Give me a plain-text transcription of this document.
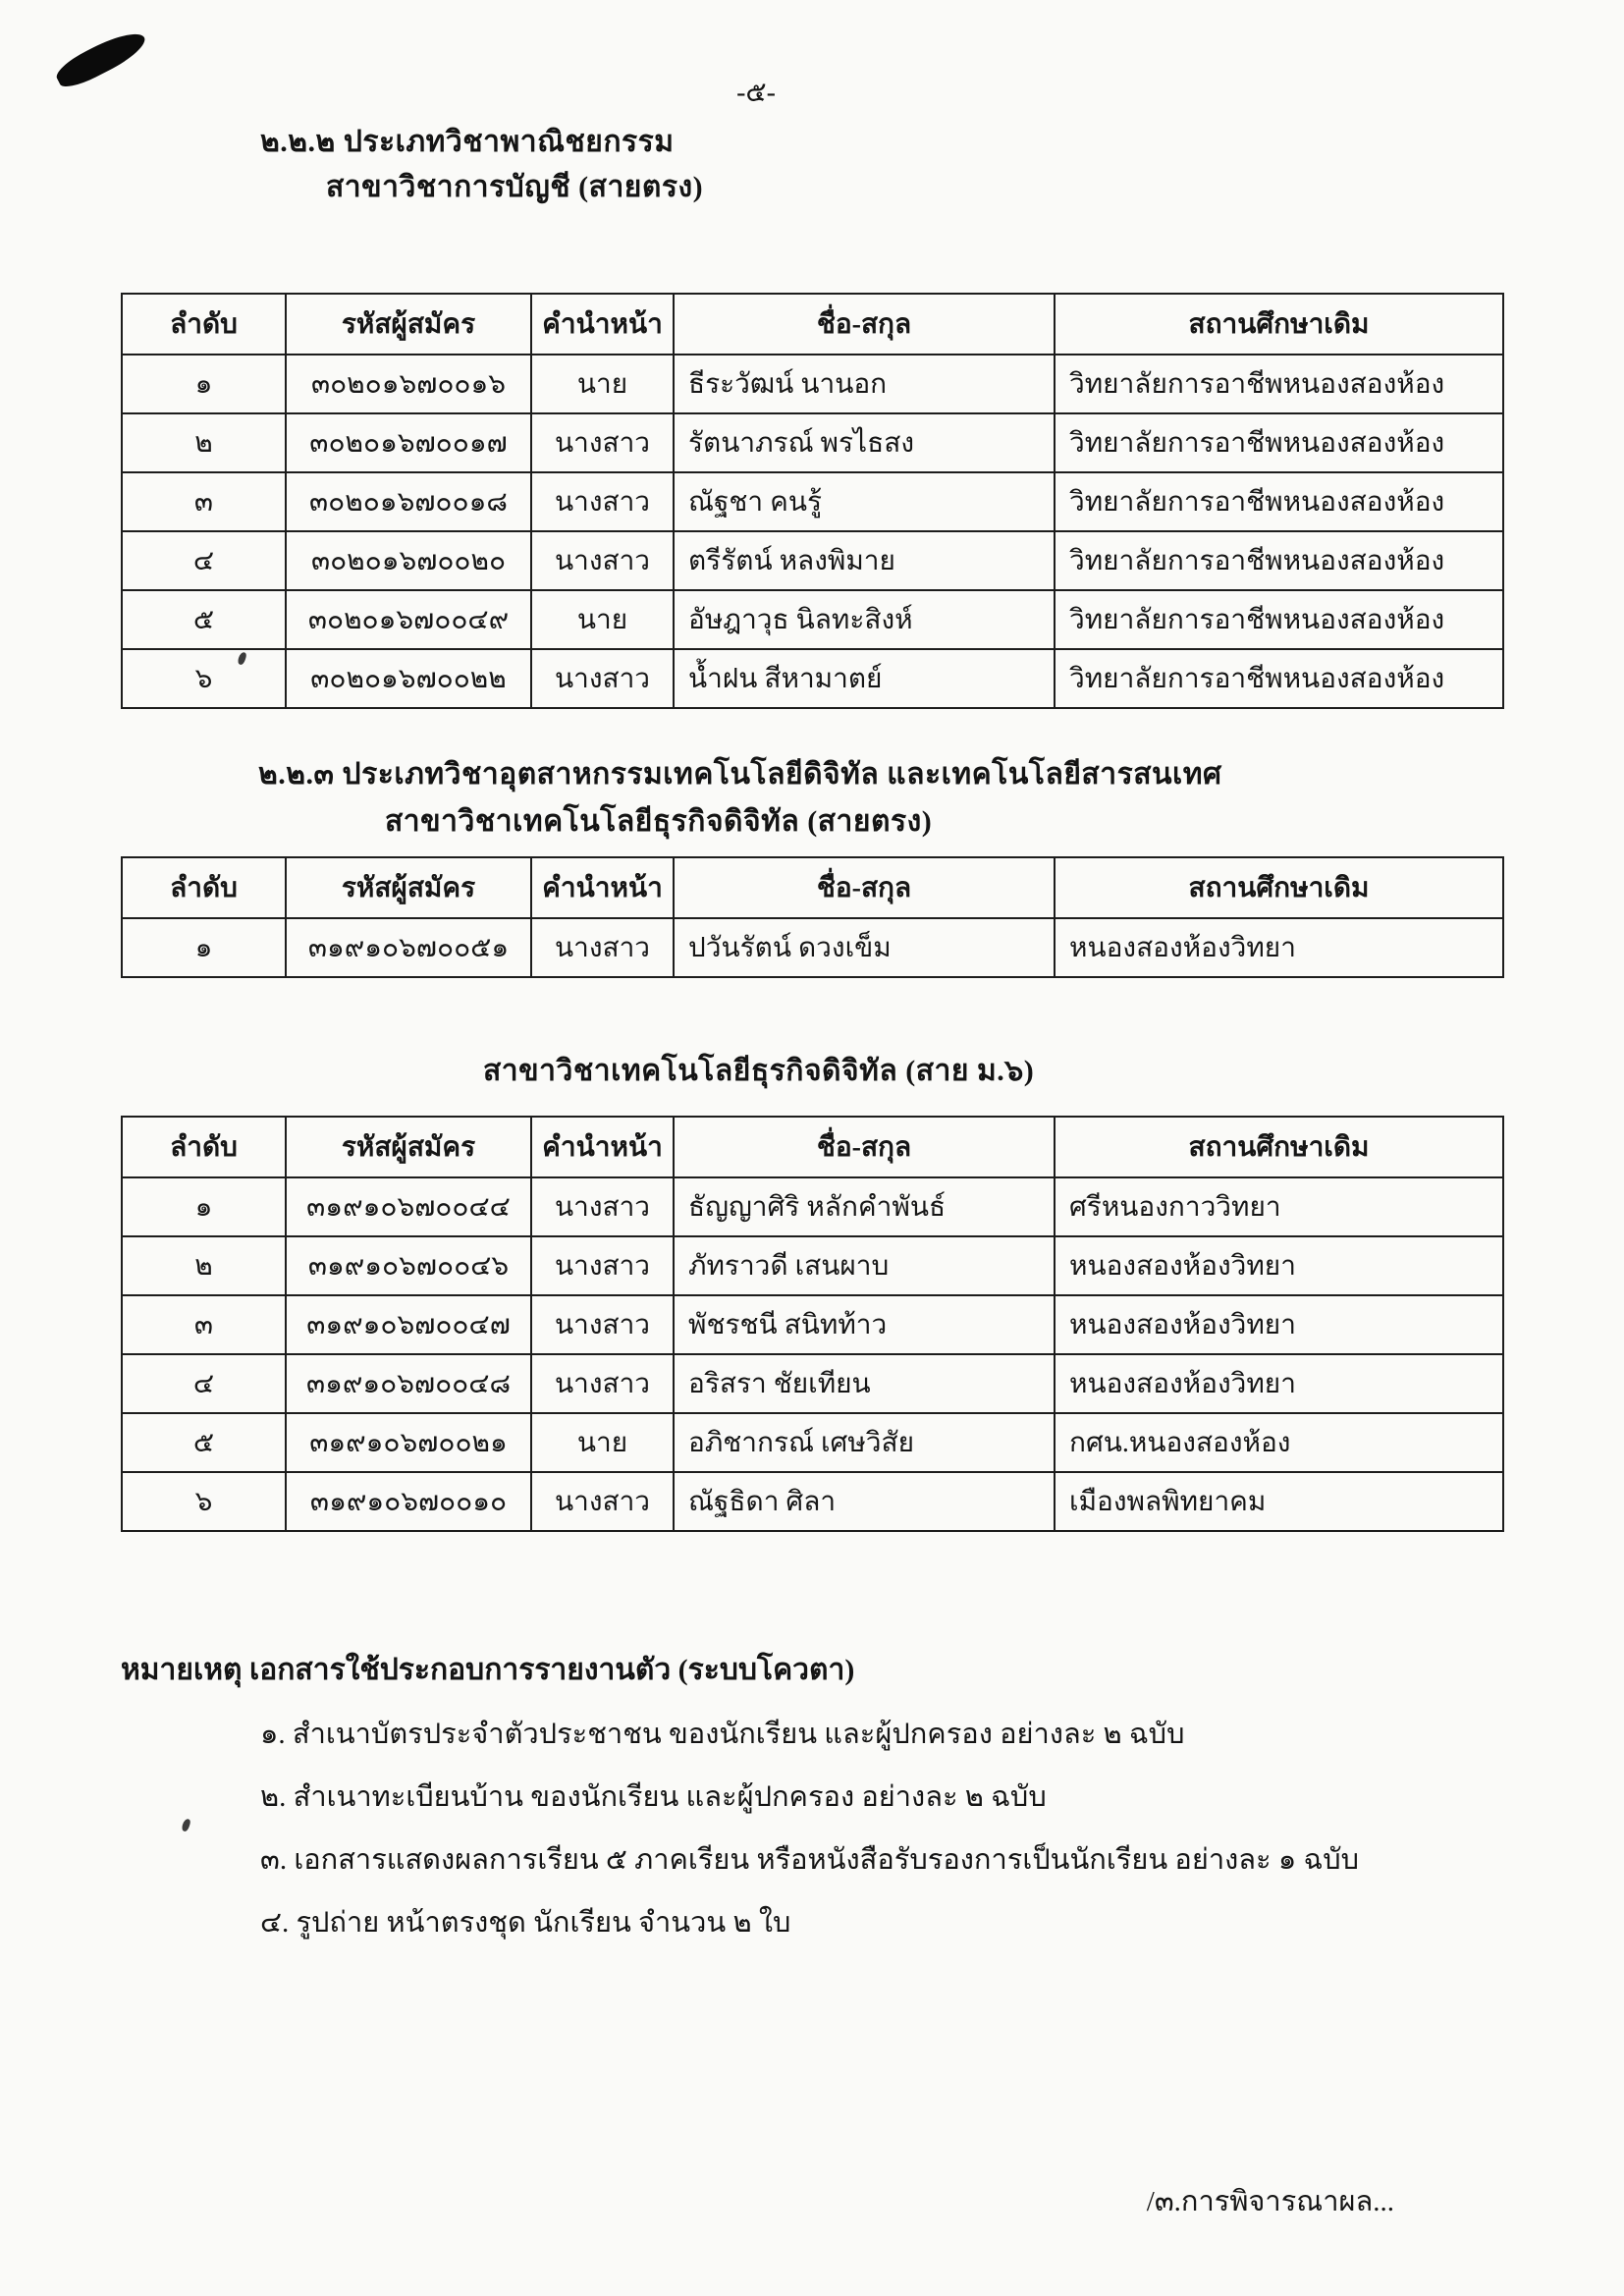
-๕-
๒.๒.๒ ประเภทวิชาพาณิชยกรรม
สาขาวิชาการบัญชี (สายตรง)
ลำดับ	รหัสผู้สมัคร	คำนำหน้า	ชื่อ-สกุล	สถานศึกษาเดิม
๑	๓๐๒๐๑๖๗๐๐๑๖	นาย	ธีระวัฒน์ นานอก	วิทยาลัยการอาชีพหนองสองห้อง
๒	๓๐๒๐๑๖๗๐๐๑๗	นางสาว	รัตนาภรณ์ พรไธสง	วิทยาลัยการอาชีพหนองสองห้อง
๓	๓๐๒๐๑๖๗๐๐๑๘	นางสาว	ณัฐชา คนรู้	วิทยาลัยการอาชีพหนองสองห้อง
๔	๓๐๒๐๑๖๗๐๐๒๐	นางสาว	ตรีรัตน์ หลงพิมาย	วิทยาลัยการอาชีพหนองสองห้อง
๕	๓๐๒๐๑๖๗๐๐๔๙	นาย	อัษฎาวุธ นิลทะสิงห์	วิทยาลัยการอาชีพหนองสองห้อง
๖	๓๐๒๐๑๖๗๐๐๒๒	นางสาว	น้ำฝน สีหามาตย์	วิทยาลัยการอาชีพหนองสองห้อง
๒.๒.๓ ประเภทวิชาอุตสาหกรรมเทคโนโลยีดิจิทัล และเทคโนโลยีสารสนเทศ
สาขาวิชาเทคโนโลยีธุรกิจดิจิทัล (สายตรง)
ลำดับ	รหัสผู้สมัคร	คำนำหน้า	ชื่อ-สกุล	สถานศึกษาเดิม
๑	๓๑๙๑๐๖๗๐๐๕๑	นางสาว	ปวันรัตน์ ดวงเข็ม	หนองสองห้องวิทยา
สาขาวิชาเทคโนโลยีธุรกิจดิจิทัล (สาย ม.๖)
ลำดับ	รหัสผู้สมัคร	คำนำหน้า	ชื่อ-สกุล	สถานศึกษาเดิม
๑	๓๑๙๑๐๖๗๐๐๔๔	นางสาว	ธัญญาศิริ หลักคำพันธ์	ศรีหนองกาววิทยา
๒	๓๑๙๑๐๖๗๐๐๔๖	นางสาว	ภัทราวดี เสนผาบ	หนองสองห้องวิทยา
๓	๓๑๙๑๐๖๗๐๐๔๗	นางสาว	พัชรชนี สนิทท้าว	หนองสองห้องวิทยา
๔	๓๑๙๑๐๖๗๐๐๔๘	นางสาว	อริสรา ชัยเทียน	หนองสองห้องวิทยา
๕	๓๑๙๑๐๖๗๐๐๒๑	นาย	อภิชากรณ์ เศษวิสัย	กศน.หนองสองห้อง
๖	๓๑๙๑๐๖๗๐๐๑๐	นางสาว	ณัฐธิดา ศิลา	เมืองพลพิทยาคม
หมายเหตุ เอกสารใช้ประกอบการรายงานตัว (ระบบโควตา)
๑. สำเนาบัตรประจำตัวประชาชน ของนักเรียน และผู้ปกครอง อย่างละ ๒ ฉบับ
๒. สำเนาทะเบียนบ้าน ของนักเรียน และผู้ปกครอง อย่างละ ๒ ฉบับ
๓. เอกสารแสดงผลการเรียน ๕ ภาคเรียน หรือหนังสือรับรองการเป็นนักเรียน อย่างละ ๑ ฉบับ
๔. รูปถ่าย หน้าตรงชุด นักเรียน จำนวน ๒ ใบ
/๓.การพิจารณาผล...
